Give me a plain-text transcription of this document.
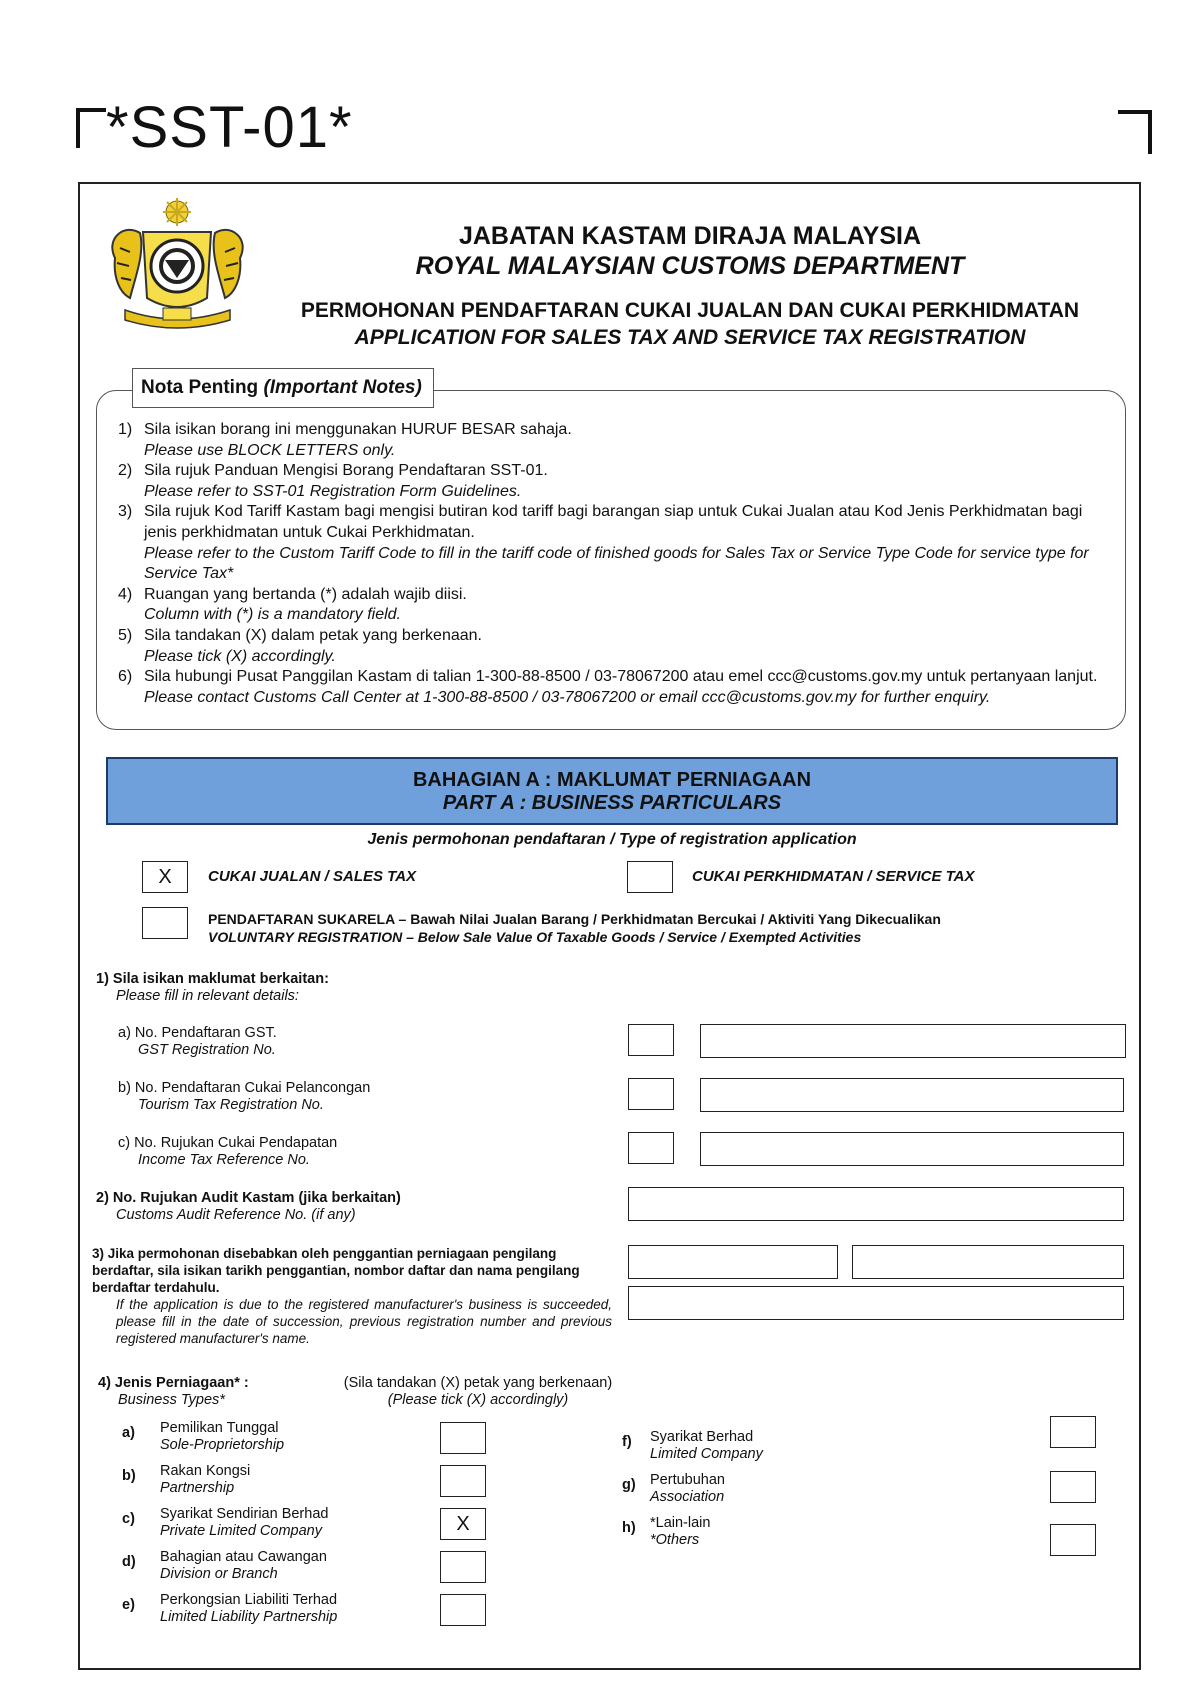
*SST-01*
JABATAN KASTAM DIRAJA MALAYSIA
ROYAL MALAYSIAN CUSTOMS DEPARTMENT
PERMOHONAN PENDAFTARAN CUKAI JUALAN DAN CUKAI PERKHIDMATAN
APPLICATION FOR SALES TAX AND SERVICE TAX REGISTRATION
Nota Penting (Important Notes)
1) Sila isikan borang ini menggunakan HURUF BESAR sahaja.
Please use BLOCK LETTERS only.
2) Sila rujuk Panduan Mengisi Borang Pendaftaran SST-01.
Please refer to SST-01 Registration Form Guidelines.
3) Sila rujuk Kod Tariff Kastam bagi mengisi butiran kod tariff bagi barangan siap untuk Cukai Jualan atau Kod Jenis Perkhidmatan bagi jenis perkhidmatan untuk Cukai Perkhidmatan.
Please refer to the Custom Tariff Code to fill in the tariff code of finished goods for Sales Tax or Service Type Code for service type for Service Tax*
4) Ruangan yang bertanda (*) adalah wajib diisi.
Column with (*) is a mandatory field.
5) Sila tandakan (X) dalam petak yang berkenaan.
Please tick (X) accordingly.
6) Sila hubungi Pusat Panggilan Kastam di talian 1-300-88-8500 / 03-78067200 atau emel ccc@customs.gov.my untuk pertanyaan lanjut.
Please contact Customs Call Center at 1-300-88-8500 / 03-78067200 or email ccc@customs.gov.my for further enquiry.
BAHAGIAN A : MAKLUMAT PERNIAGAAN
PART A : BUSINESS PARTICULARS
Jenis permohonan pendaftaran / Type of registration application
X	CUKAI JUALAN / SALES TAX	CUKAI PERKHIDMATAN / SERVICE TAX
PENDAFTARAN SUKARELA – Bawah Nilai Jualan Barang / Perkhidmatan Bercukai / Aktiviti Yang Dikecualikan
VOLUNTARY REGISTRATION – Below Sale Value Of Taxable Goods / Service / Exempted Activities
1) Sila isikan maklumat berkaitan:
Please fill in relevant details:
a) No. Pendaftaran GST.
GST Registration No.
b) No. Pendaftaran Cukai Pelancongan
Tourism Tax Registration No.
c) No. Rujukan Cukai Pendapatan
Income Tax Reference No.
2) No. Rujukan Audit Kastam (jika berkaitan)
Customs Audit Reference No. (if any)
3) Jika permohonan disebabkan oleh penggantian perniagaan pengilang berdaftar, sila isikan tarikh penggantian, nombor daftar dan nama pengilang berdaftar terdahulu.
If the application is due to the registered manufacturer's business is succeeded, please fill in the date of succession, previous registration number and previous registered manufacturer's name.
4) Jenis Perniagaan* :
Business Types*
(Sila tandakan (X) petak yang berkenaan)
(Please tick (X) accordingly)
a) Pemilikan Tunggal
Sole-Proprietorship
b) Rakan Kongsi
Partnership
c) Syarikat Sendirian Berhad
Private Limited Company	X
d) Bahagian atau Cawangan
Division or Branch
e) Perkongsian Liabiliti Terhad
Limited Liability Partnership
f) Syarikat Berhad
Limited Company
g) Pertubuhan
Association
h) *Lain-lain
*Others
